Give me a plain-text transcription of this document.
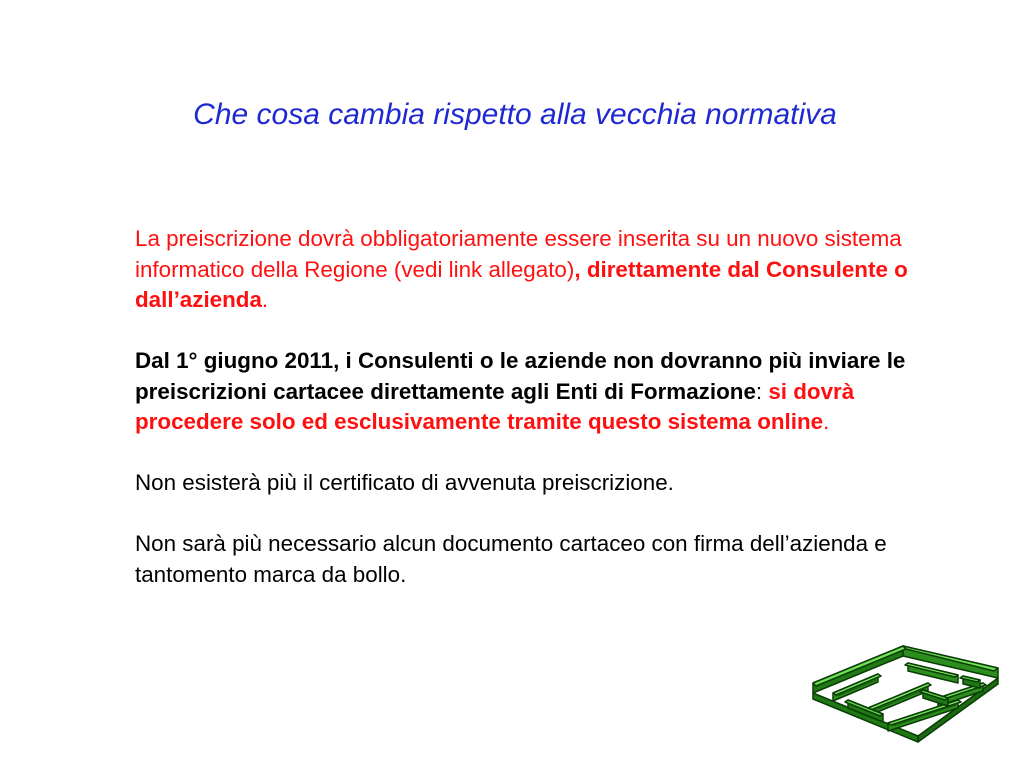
Che cosa cambia rispetto alla vecchia normativa

La preiscrizione dovrà obbligatoriamente essere inserita su un nuovo sistema informatico della Regione (vedi link allegato), direttamente dal Consulente o dall’azienda.

Dal 1° giugno 2011, i Consulenti o le aziende non dovranno più inviare le preiscrizioni cartacee direttamente agli Enti di Formazione: si dovrà procedere solo ed esclusivamente tramite questo sistema online.

Non esisterà più il certificato di avvenuta preiscrizione.

Non sarà più necessario alcun documento cartaceo con firma dell’azienda e tantomento marca da bollo.
